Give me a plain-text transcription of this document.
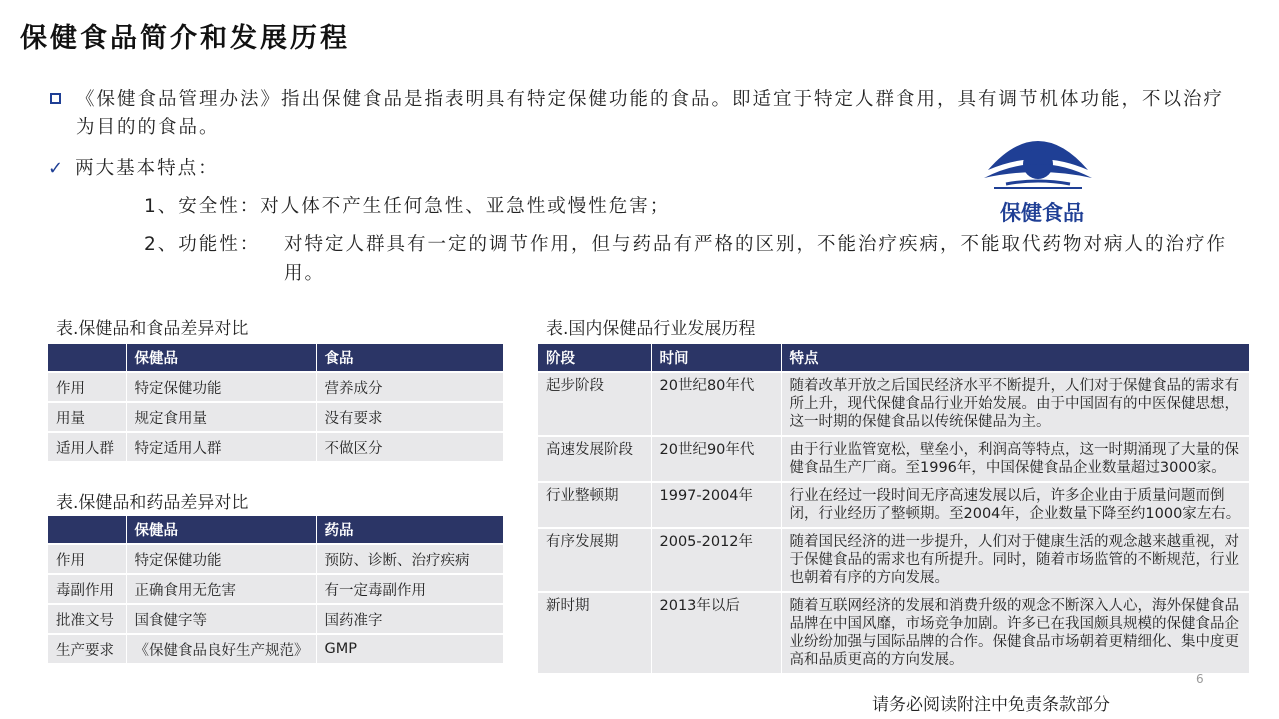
保健食品简介和发展历程
《保健食品管理办法》指出保健食品是指表明具有特定保健功能的食品。即适宜于特定人群食用，具有调节机体功能，不以治疗为目的的食品。
✓ 两大基本特点：
1、安全性：对人体不产生任何急性、亚急性或慢性危害；
2、功能性： 对特定人群具有一定的调节作用，但与药品有严格的区别，不能治疗疾病，不能取代药物对病人的治疗作用。
保健食品
表.保健品和食品差异对比
	保健品	食品
作用	特定保健功能	营养成分
用量	规定食用量	没有要求
适用人群	特定适用人群	不做区分
表.保健品和药品差异对比
	保健品	药品
作用	特定保健功能	预防、诊断、治疗疾病
毒副作用	正确食用无危害	有一定毒副作用
批准文号	国食健字等	国药准字
生产要求	《保健食品良好生产规范》	GMP
表.国内保健品行业发展历程
阶段	时间	特点
起步阶段	20世纪80年代	随着改革开放之后国民经济水平不断提升，人们对于保健食品的需求有所上升，现代保健食品行业开始发展。由于中国固有的中医保健思想，这一时期的保健食品以传统保健品为主。
高速发展阶段	20世纪90年代	由于行业监管宽松，壁垒小，利润高等特点，这一时期涌现了大量的保健食品生产厂商。至1996年，中国保健食品企业数量超过3000家。
行业整顿期	1997-2004年	行业在经过一段时间无序高速发展以后，许多企业由于质量问题而倒闭，行业经历了整顿期。至2004年，企业数量下降至约1000家左右。
有序发展期	2005-2012年	随着国民经济的进一步提升，人们对于健康生活的观念越来越重视，对于保健食品的需求也有所提升。同时，随着市场监管的不断规范，行业也朝着有序的方向发展。
新时期	2013年以后	随着互联网经济的发展和消费升级的观念不断深入人心，海外保健食品品牌在中国风靡，市场竞争加剧。许多已在我国颇具规模的保健食品企业纷纷加强与国际品牌的合作。保健食品市场朝着更精细化、集中度更高和品质更高的方向发展。
6
请务必阅读附注中免责条款部分
